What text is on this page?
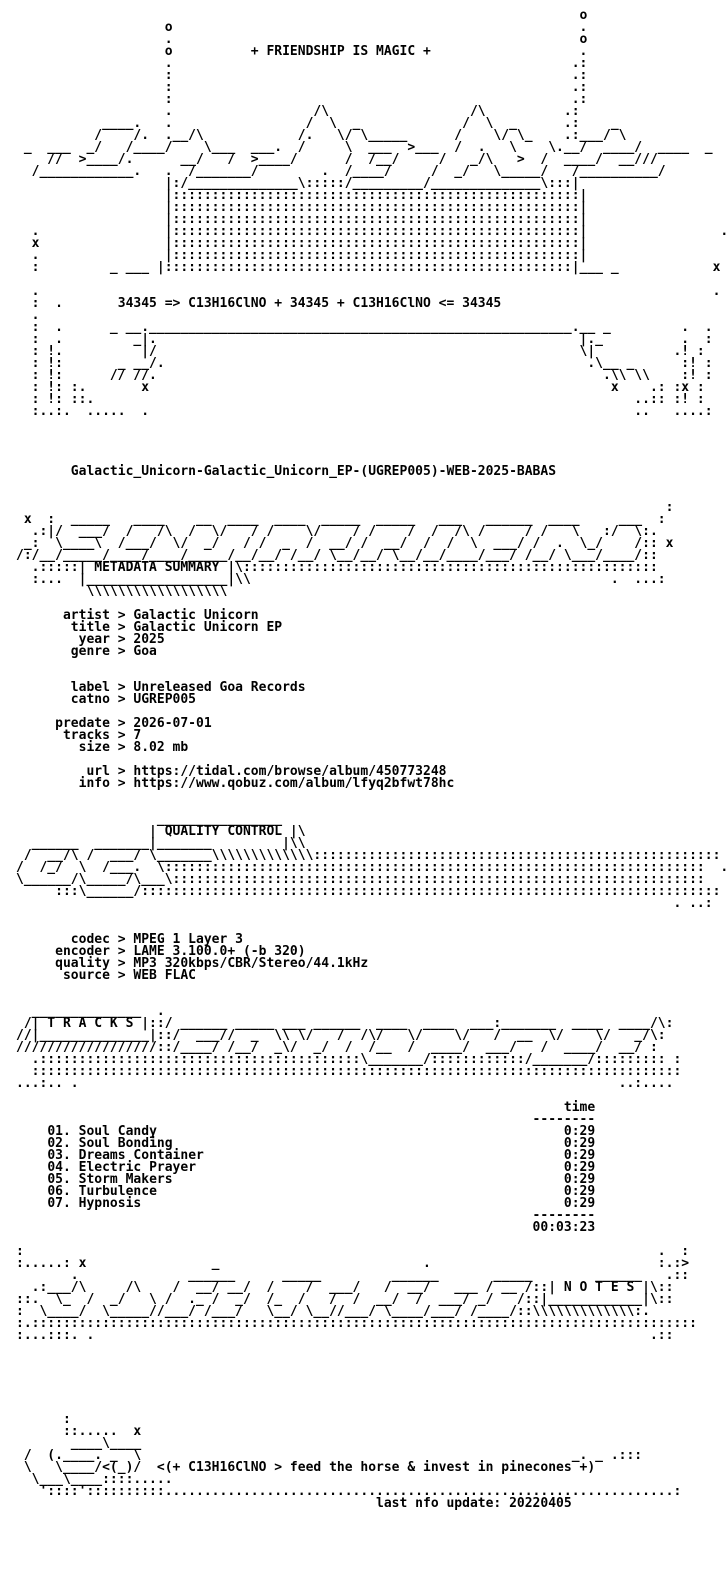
o
o                                                    .
.                                                    o
o          + FRIENDSHIP IS MAGIC +                   .
.                                                   .:
:                                                   .:
:                                                   .:
:                                                   .:
.                  /\                  /\          .:
____.   .                 /  \  _             /  \  _      .:    _
/    /.  .__/\            /.   \/ \_____      /    \/ \_    .:___/ \
_  ___  _/   /____/    \___  ___.  /     \  ___  >___  /  .   \    \.__/  ____/  ____  _
//  >____/.      __/   /  >____/      /  /__/     /   _/\   >  /  ____/  __///
/____________.   .  /_______/        .  /____/     /  _/   \_____/   /__________/
|:/______________\:::::/_________/______________\:::|
|::::::::::::::::::::::::::::::::::::::::::::::::::::|
|::::::::::::::::::::::::::::::::::::::::::::::::::::|
|::::::::::::::::::::::::::::::::::::::::::::::::::::|
.                |::::::::::::::::::::::::::::::::::::::::::::::::::::|                 .
x                |::::::::::::::::::::::::::::::::::::::::::::::::::::|
.                |::::::::::::::::::::::::::::::::::::::::::::::::::::|
:         _ ___ |::::::::::::::::::::::::::::::::::::::::::::::::::::|___ _            x

.                                                                                      .
:  .       34345 => C13H16ClNO + 34345 + C13H16ClNO <= 34345
.
:  .      _ __.______________________________________________________.__ _         .  .
:  .         _|.                                                      |._          .  :
: !.          |/                                                      \|          .! :
: !:       _ __/.                                                      .\__ _      :! :
: !:      // //.                                                         .\\ \\    :! :
: !: :.       x                                                           x    .: :x :
: !: ::.                                                                     ..:: :! :
:..:.  .....  .                                                              ..   ....:

Galactic_Unicorn-Galactic_Unicorn_EP-(UGREP005)-WEB-2025-BABAS

:
x  :  _____   ____    __  ____  ____  _____  _____   ___   ______  ____     ___  :
.:|/  ___/  /   /\  /  \/   / /    \/    / /    /  /  /\ /     / /   \   :/  \:.
_:  \____\  /___/  \/  _/   / /  _  /  __/ /  __/  /  /  \  ___/ /  .  \_/    /:: x
/:/__/_____/____/____/_____/__/__/ /__/ \__/__/ \__/__/____/___/ /__/ \___/____/::
.:::::| METADATA SUMMARY |\:::::::::::::::::::::::::::::::::::::::::::::::::::::
:...  |__________________|\\                                              .  ...:
\\\\\\\\\\\\\\\\\\

artist > Galactic Unicorn
title > Galactic Unicorn EP
year > 2025
genre > Goa

label > Unreleased Goa Records
catno > UGREP005

predate > 2026-07-01
tracks > 7
size > 8.02 mb

url > https://tidal.com/browse/album/450773248
info > https://www.qobuz.com/album/lfyq2bfwt78hc

________________
| QUALITY CONTROL |\
______  _______|_______         |\\
/  __/\ /  ___/ \_______\\\\\\\\\\\\\::::::::::::::::::::::::::::::::::::::::::::::::::::
/  /_/  \  /___.  \:::::::::::::::::::::::::::::::::::::::::::::::::::::::::::::::::::::  .
\______/\_____/\___\::::::::::::::::::::::::::::::::::::::::::::::::::::::::::::::::::::
:::\______/::::::::::::::::::::::::::::::::::::::::::::::::::::::::::::::::::::::::::
. ..:

codec > MPEG 1 Layer 3
encoder > LAME 3.100.0+ (-b 320)
quality > MP3 320kbps/CBR/Stereo/44.1kHz
source > WEB FLAC

______________  .
/| T R A C K S |::/ ______ _____ ___ ______  ____  ____  ___:_______  ____  ____/\:
//|______________|::/  ___//  _  \\ \/   /  /\/   \/    \/   /  __  \/    \/   _/\:
//////////////////::/____/ /__/  _\/  _/  /  /__  /  ____/  ___/   /  ____/  __/ :
.:::::::::::::::::::::::::::::::::::::::::\_______/::::::::::::/_______/::::::::: :
:::::::::::::::::::::::::::::::::::::::::::::::::::::::::::::::::::::::::::::::::::
...:.. .                                                                     ..:....

time
--------
01. Soul Candy	0:29
02. Soul Bonding	0:29
03. Dreams Container	0:29
04. Electric Prayer	0:29
05. Storm Makers	0:29
06. Turbulence	0:29
07. Hypnosis	0:29
--------
00:03:23

:                                                                                 .  :
:.....: x                _                          .                             :.:>
.              ______      _____         ______       _____        ______   .::
.:___/\     /\    /  __/ __/  /    /  ___/   /  __/   ___ / __ /::| N O T E S |\::
::.  \_  /  _/   \ /  ._ /  _/  /_  /   /  /  __/  /  ___/ _/   /::|____________|\::
:  \____/  \_____//___/ /___/   \__/ \__//___/ \____/___/ /____/::\\\\\\\\\\\\\:.
:.:::::::::::::::::::::::::::::::::::::::::::::::::::::::::::::::::::::::::::::::::::::
:...:::. .                                                                       .::

:
::.....  x
____\____
/  (.____. _  \                                                       _. _ .:::
\   \____/<(_)/  <(+ C13H16ClNO > feed the horse & invest in pinecones +)
\___\____::::.....
'::::'::::::::::.................................................................:
last nfo update: 20220405
